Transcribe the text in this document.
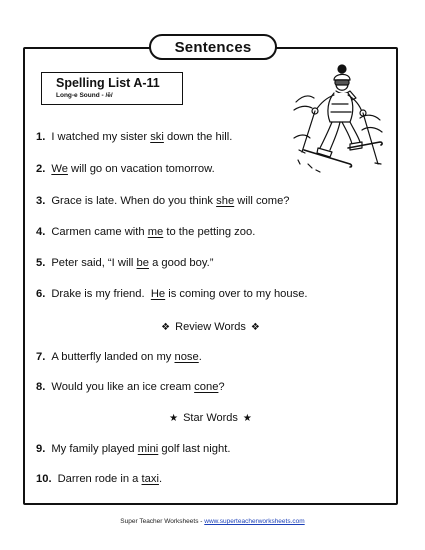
Sentences
Spelling List A-11
Long-e Sound - /ē/
1. I watched my sister ski down the hill.
2. We will go on vacation tomorrow.
3. Grace is late. When do you think she will come?
4. Carmen came with me to the petting zoo.
5. Peter said, “I will be a good boy.”
6. Drake is my friend.  He is coming over to my house.
❖ Review Words ❖
7. A butterfly landed on my nose.
8. Would you like an ice cream cone?
★ Star Words ★
9. My family played mini golf last night.
10. Darren rode in a taxi.
Super Teacher Worksheets - www.superteacherworksheets.com
